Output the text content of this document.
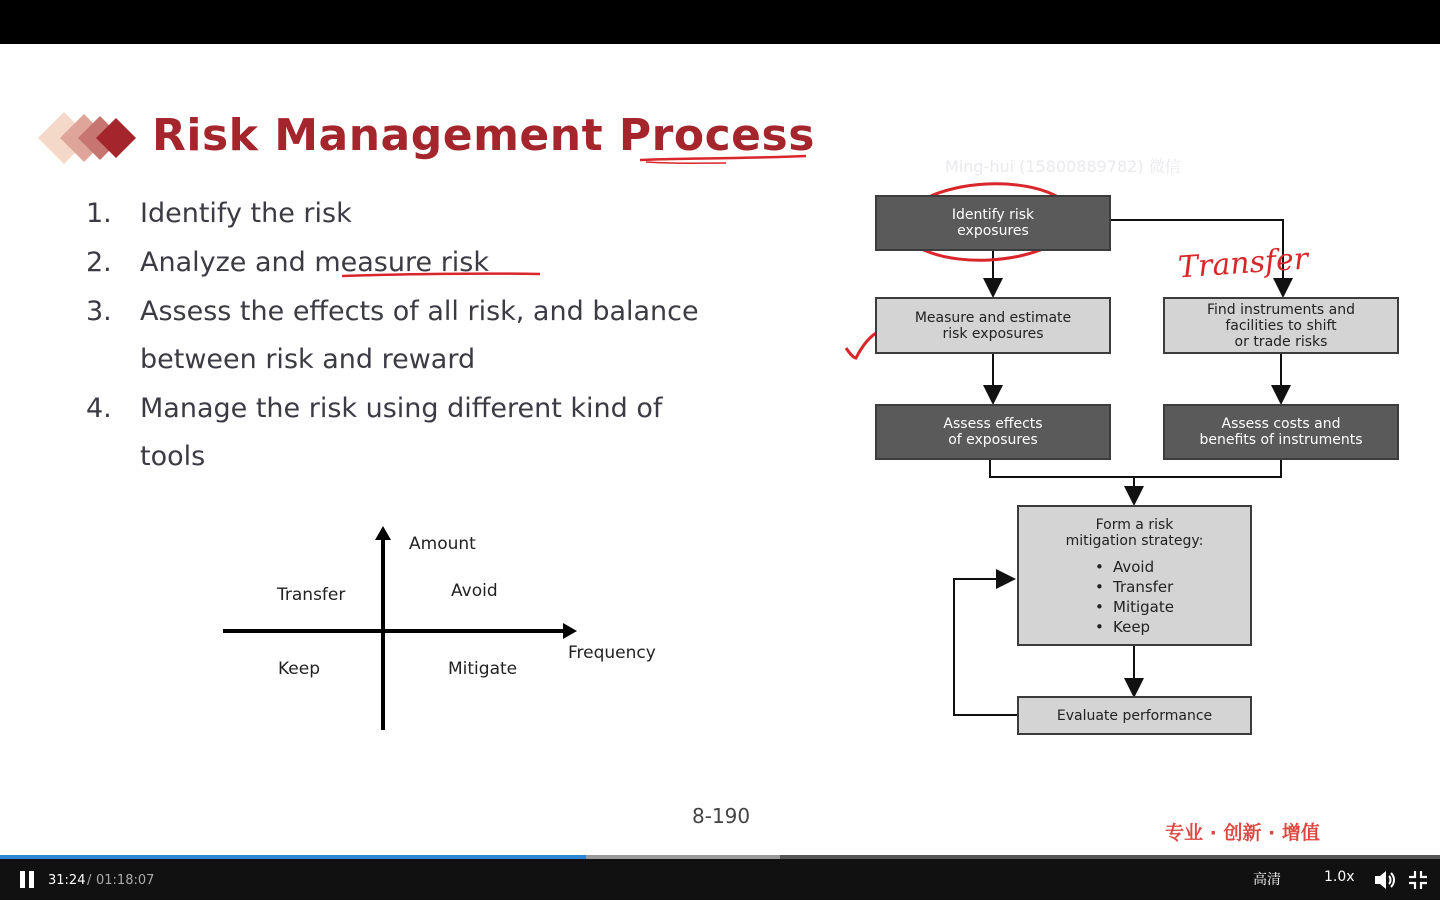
Risk Management Process
Ming-hui (15800889782) 微信
1. Identify the risk
2. Analyze and measure risk
3. Assess the effects of all risk, and balance
between risk and reward
4. Manage the risk using different kind of
tools
Amount
Frequency
Transfer	Avoid
Keep	Mitigate
Identify risk
exposures
Measure and estimate
risk exposures
Find instruments and
facilities to shift
or trade risks
Assess effects
of exposures
Assess costs and
benefits of instruments
Form a risk
mitigation strategy:
• Avoid
• Transfer
• Mitigate
• Keep
Evaluate performance
Transfer
8-190
专业 · 创新 · 增值
31:24 / 01:18:07	高清	1.0x
